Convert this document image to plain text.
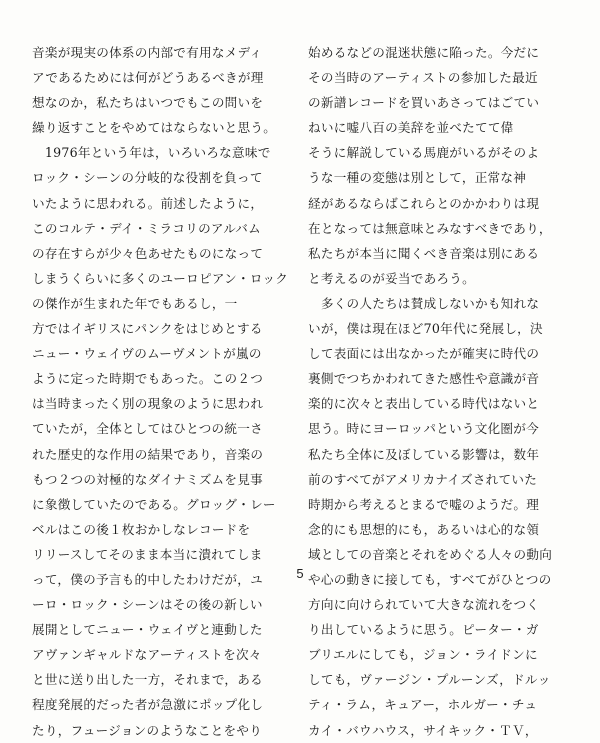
音楽が現実の体系の内部で有用なメディ
アであるためには何がどうあるべきが理
想なのか，私たちはいつでもこの問いを
繰り返すことをやめてはならないと思う。
　1976年という年は，いろいろな意味で
ロック・シーンの分岐的な役割を負って
いたように思われる。前述したように，
このコルテ・デイ・ミラコリのアルバム
の存在すらが少々色あせたものになって
しまうくらいに多くのユーロピアン・ロック
の傑作が生まれた年でもあるし，一
方ではイギリスにパンクをはじめとする
ニュー・ウェイヴのムーヴメントが嵐の
ように定った時期でもあった。この２つ
は当時まったく別の現象のように思われ
ていたが，全体としてはひとつの統一さ
れた歴史的な作用の結果であり，音楽の
もつ２つの対極的なダイナミズムを見事
に象徴していたのである。グロッグ・レー
ベルはこの後１枚おかしなレコードを
リリースしてそのまま本当に潰れてしま
って，僕の予言も的中したわけだが，ユ
ーロ・ロック・シーンはその後の新しい
展開としてニュー・ウェイヴと連動した
アヴァンギャルドなアーティストを次々
と世に送り出した一方，それまで，ある
程度発展的だった者が急激にポップ化し
たり，フュージョンのようなことをやり
始めるなどの混迷状態に陥った。今だに
その当時のアーティストの参加した最近
の新譜レコードを買いあさってはごてい
ねいに嘘八百の美辞を並べたてて偉
そうに解説している馬鹿がいるがそのよ
うな一種の変態は別として，正常な神
経があるならばこれらとのかかわりは現
在となっては無意味とみなすべきであり，
私たちが本当に聞くべき音楽は別にある
と考えるのが妥当であろう。
　多くの人たちは賛成しないかも知れな
いが，僕は現在ほど70年代に発展し，決
して表面には出なかったが確実に時代の
裏側でつちかわれてきた感性や意識が音
楽的に次々と表出している時代はないと
思う。時にヨーロッパという文化圏が今
私たち全体に及ぼしている影響は，数年
前のすべてがアメリカナイズされていた
時期から考えるとまるで嘘のようだ。理
念的にも思想的にも，あるいは心的な領
域としての音楽とそれをめぐる人々の動向
や心の動きに接しても，すべてがひとつの
方向に向けられていて大きな流れをつく
り出しているように思う。ピーター・ガ
ブリエルにしても，ジョン・ライドンに
しても，ヴァージン・プルーンズ，ドルッ
ティ・ラム，キュアー，ホルガー・チュ
カイ・バウハウス，サイキック・ＴＶ，
5
